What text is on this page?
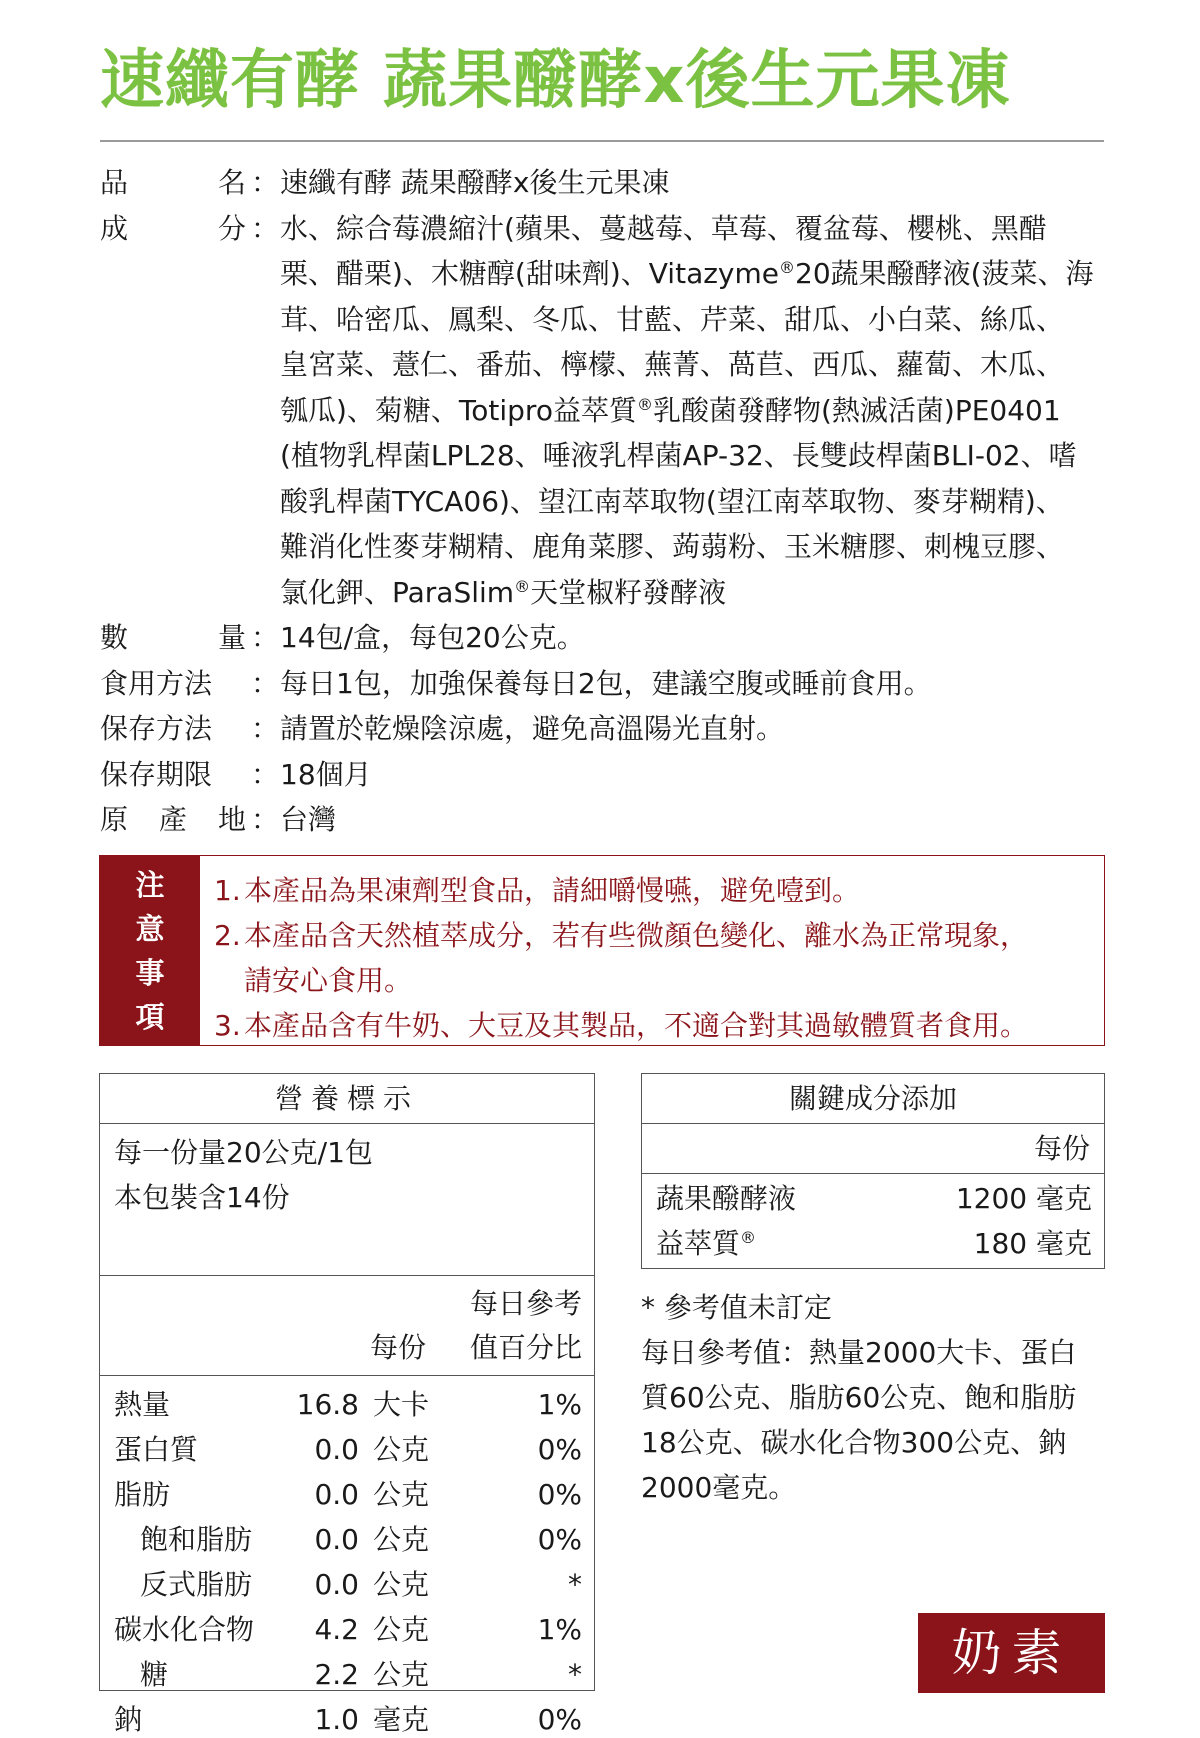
速纖有酵 蔬果醱酵x後生元果凍
品	名 ： 速纖有酵 蔬果醱酵x後生元果凍
成	分 ： 水、綜合莓濃縮汁(蘋果、蔓越莓、草莓、覆盆莓、櫻桃、黑醋
栗、醋栗)、木糖醇(甜味劑)、Vitazyme®20蔬果醱酵液(菠菜、海
茸、哈密瓜、鳳梨、冬瓜、甘藍、芹菜、甜瓜、小白菜、絲瓜、
皇宮菜、薏仁、番茄、檸檬、蕪菁、萵苣、西瓜、蘿蔔、木瓜、
瓠瓜)、菊糖、Totipro益萃質®乳酸菌發酵物(熱滅活菌)PE0401
(植物乳桿菌LPL28、唾液乳桿菌AP-32、長雙歧桿菌BLI-02、嗜
酸乳桿菌TYCA06)、望江南萃取物(望江南萃取物、麥芽糊精)、
難消化性麥芽糊精、鹿角菜膠、蒟蒻粉、玉米糖膠、刺槐豆膠、
氯化鉀、ParaSlim®天堂椒籽發酵液
數	量 ： 14包/盒，每包20公克。
食用方法	： 每日1包，加強保養每日2包，建議空腹或睡前食用。
保存方法	： 請置於乾燥陰涼處，避免高溫陽光直射。
保存期限	： 18個月
原 產 地 ： 台灣
注
意
事
項
1. 本產品為果凍劑型食品，請細嚼慢嚥，避免噎到。
2. 本產品含天然植萃成分，若有些微顏色變化、離水為正常現象，
請安心食用。
3. 本產品含有牛奶、大豆及其製品，不適合對其過敏體質者食用。
營養標示
每一份量20公克/1包
本包裝含14份
每日參考
每份 值百分比
熱量	16.8 大卡	1%
蛋白質	0.0 公克	0%
脂肪	0.0 公克	0%
飽和脂肪 0.0 公克	0%
反式脂肪 0.0 公克	*
碳水化合物 4.2 公克	1%
糖	2.2 公克	*
鈉	1.0 毫克	0%
關鍵成分添加
每份
蔬果醱酵液	1200 毫克
益萃質®	180 毫克
* 參考值未訂定
每日參考值：熱量2000大卡、蛋白
質60公克、脂肪60公克、飽和脂肪
18公克、碳水化合物300公克、鈉
2000毫克。
奶素
